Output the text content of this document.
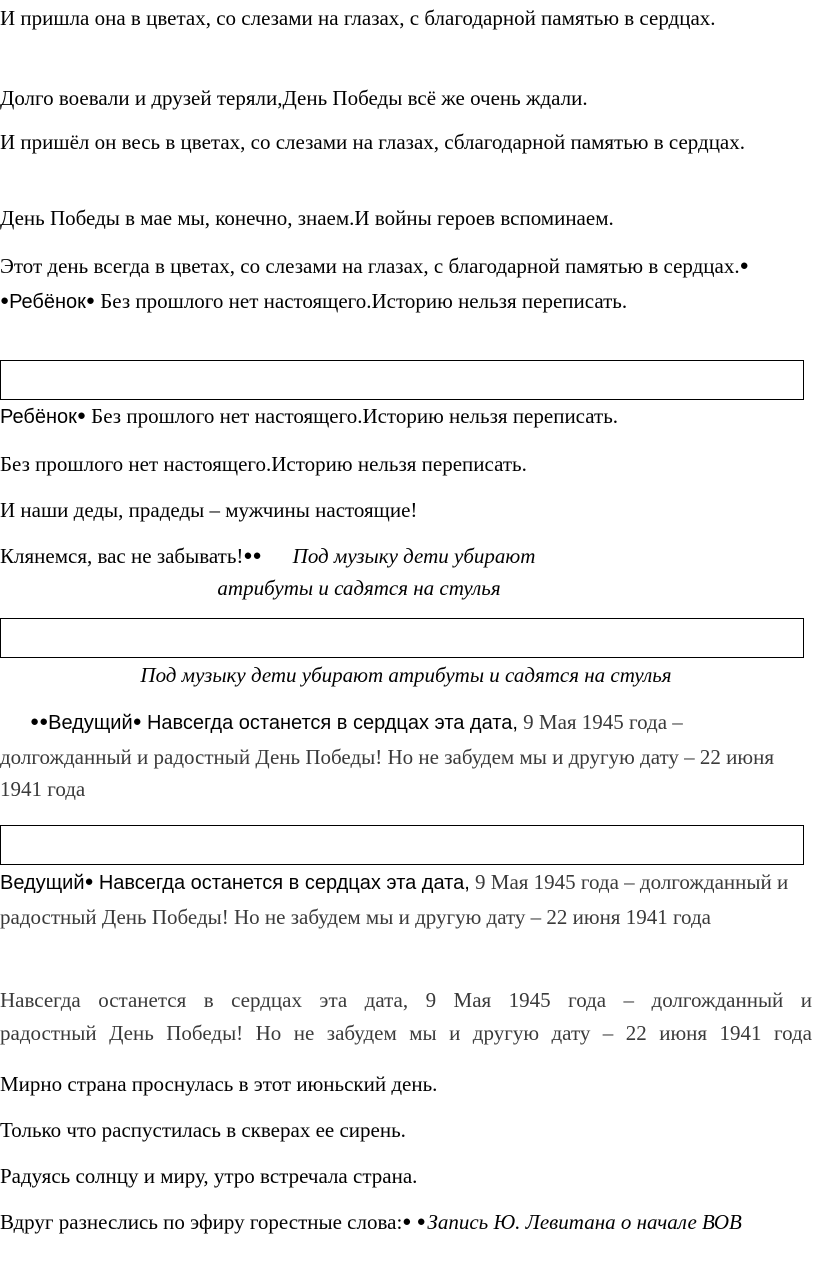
И пришла она в цветах, со слезами на глазах, с благодарной памятью в сердцах.

Долго воевали и друзей теряли,День Победы всё же очень ждали.

И пришёл он весь в цветах, со слезами на глазах, сблагодарной памятью в сердцах.

День Победы в мае мы, конечно, знаем.И войны героев вспоминаем.

Этот день всегда в цветах, со слезами на глазах, с благодарной памятью в сердцах.● ●Ребёнок● Без прошлого нет настоящего.Историю нельзя переписать.

Ребёнок● Без прошлого нет настоящего.Историю нельзя переписать.

Без прошлого нет настоящего.Историю нельзя переписать.

И наши деды, прадеды – мужчины настоящие!

Клянемся, вас не забывать!●● Под музыку дети убирают атрибуты и садятся на стулья

Под музыку дети убирают атрибуты и садятся на стулья

●●Ведущий● Навсегда останется в сердцах эта дата, 9 Мая 1945 года – долгожданный и радостный День Победы! Но не забудем мы и другую дату – 22 июня 1941 года

Ведущий● Навсегда останется в сердцах эта дата, 9 Мая 1945 года – долгожданный и радостный День Победы! Но не забудем мы и другую дату – 22 июня 1941 года

Навсегда останется в сердцах эта дата, 9 Мая 1945 года – долгожданный и
радостный День Победы! Но не забудем мы и другую дату – 22 июня 1941 года

Мирно страна проснулась в этот июньский день.

Только что распустилась в скверах ее сирень.

Радуясь солнцу и миру, утро встречала страна.

Вдруг разнеслись по эфиру горестные слова:● ●Запись Ю. Левитана о начале ВОВ
